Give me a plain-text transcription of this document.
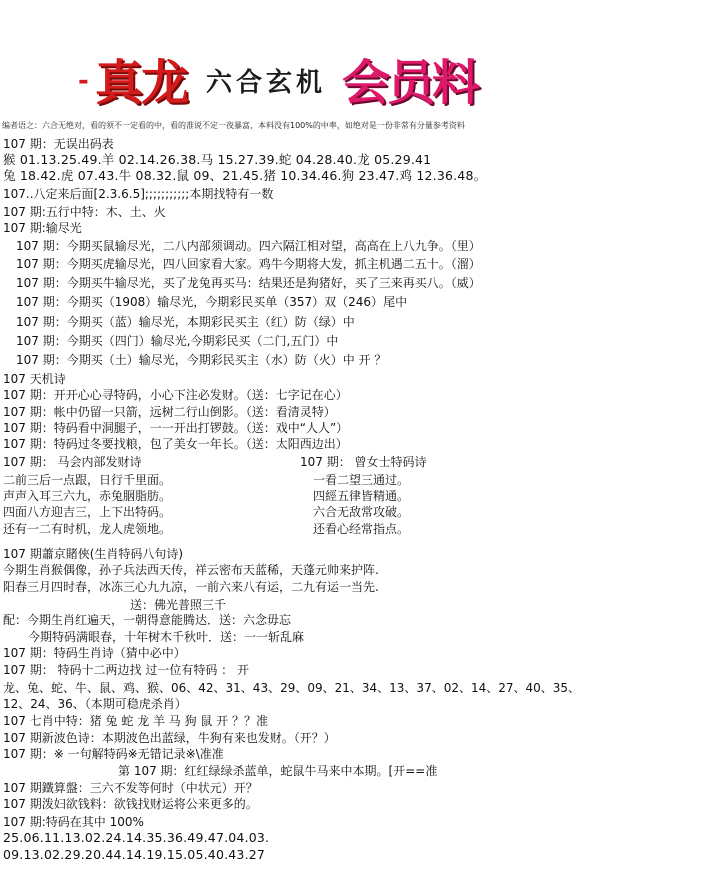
- 真龙 六合玄机 会员料
编者语之：六合无绝对，看的须不一定看的中，看的准说不定一夜暴富，本料没有100%的中率，如绝对是一份非常有分量参考资料
107 期：无误出码表
猴 01.13.25.49.羊 02.14.26.38.马 15.27.39.蛇 04.28.40.龙 05.29.41
兔 18.42.虎 07.43.牛 08.32.鼠 09、21.45.猪 10.34.46.狗 23.47.鸡 12.36.48。
107..八定来后面[2.3.6.5];;;;;;;;;;;本期找特有一数
107 期:五行中特：木、土、火
107 期:输尽光
107 期：今期买鼠输尽光，二八内部须调动。四六隔江相对望，高高在上八九争。（里）
107 期：今期买虎输尽光，四八回家看大家。鸡牛今期将大发，抓主机遇二五十。（溜）
107 期：今期买牛输尽光，买了龙兔再买马：结果还是狗猪好，买了三来再买八。（威）
107 期：今期买（1908）输尽光，今期彩民买单（357）双（246）尾中
107 期：今期买（蓝）输尽光，本期彩民买主（红）防（绿）中
107 期：今期买（四门）输尽光,今期彩民买（二门,五门）中
107 期：今期买（土）输尽光，今期彩民买主（水）防（火）中 开 ？
107 天机诗
107 期：开开心心寻特码，小心下注必发财。（送：七字记在心）
107 期：帐中仍留一只箭，远树二行山倒影。（送：看清灵特）
107 期：特码看中洞腿子，一一开出打锣鼓。（送：戏中“人人”）
107 期：特码过冬要找粮，包了美女一年长。（送：太阳西边出）
107 期： 马会内部发财诗	107 期： 曾女士特码诗
二前三后一点跟，日行千里面。	一看二望三通过。
声声入耳三六九，赤兔胭脂肪。	四經五律皆精通。
四面八方迎吉三，上下出特码。	六合无敌常攻破。
还有一二有时机，龙人虎领地。	还看心经常指点。
107 期蕭京賭俠(生肖特码八句诗)
今期生肖猴偶像，孙子兵法西天传，祥云密布天蓝稀，天蓬元帅来护阵.
阳春三月四时春，冰冻三心九九凉，一前六来八有运，二九有运一当先.
送：佛光普照三千
配：今期生肖红遍天，一朝得意能腾达．送：六念毋忘
今期特码满眼春，十年树木千秋叶．送：一一斩乱麻
107 期：特码生肖诗（猜中必中）
107 期： 特码十二两边找 过一位有特码 ： 开
龙、兔、蛇、牛、鼠、鸡、猴、06、42、31、43、29、09、21、34、13、37、02、14、27、40、35、
12、24、36、（本期可稳虎杀肖）
107 七肖中特：猪 兔 蛇 龙 羊 马 狗 鼠 开 ？？准
107 期新波色诗：本期波色出蓝绿，牛狗有来也发财。（开？）
107 期：※ 一句解特码※无错记录※\准准
第 107 期：红红绿绿杀蓝单，蛇鼠牛马来中本期。[开==准
107 期鐵算盤：三六不发等何时（中状元）开？
107 期泼妇欲钱料：欲钱找财运将公来更多的。
107 期:特码在其中 100%
25.06.11.13.02.24.14.35.36.49.47.04.03.
09.13.02.29.20.44.14.19.15.05.40.43.27
